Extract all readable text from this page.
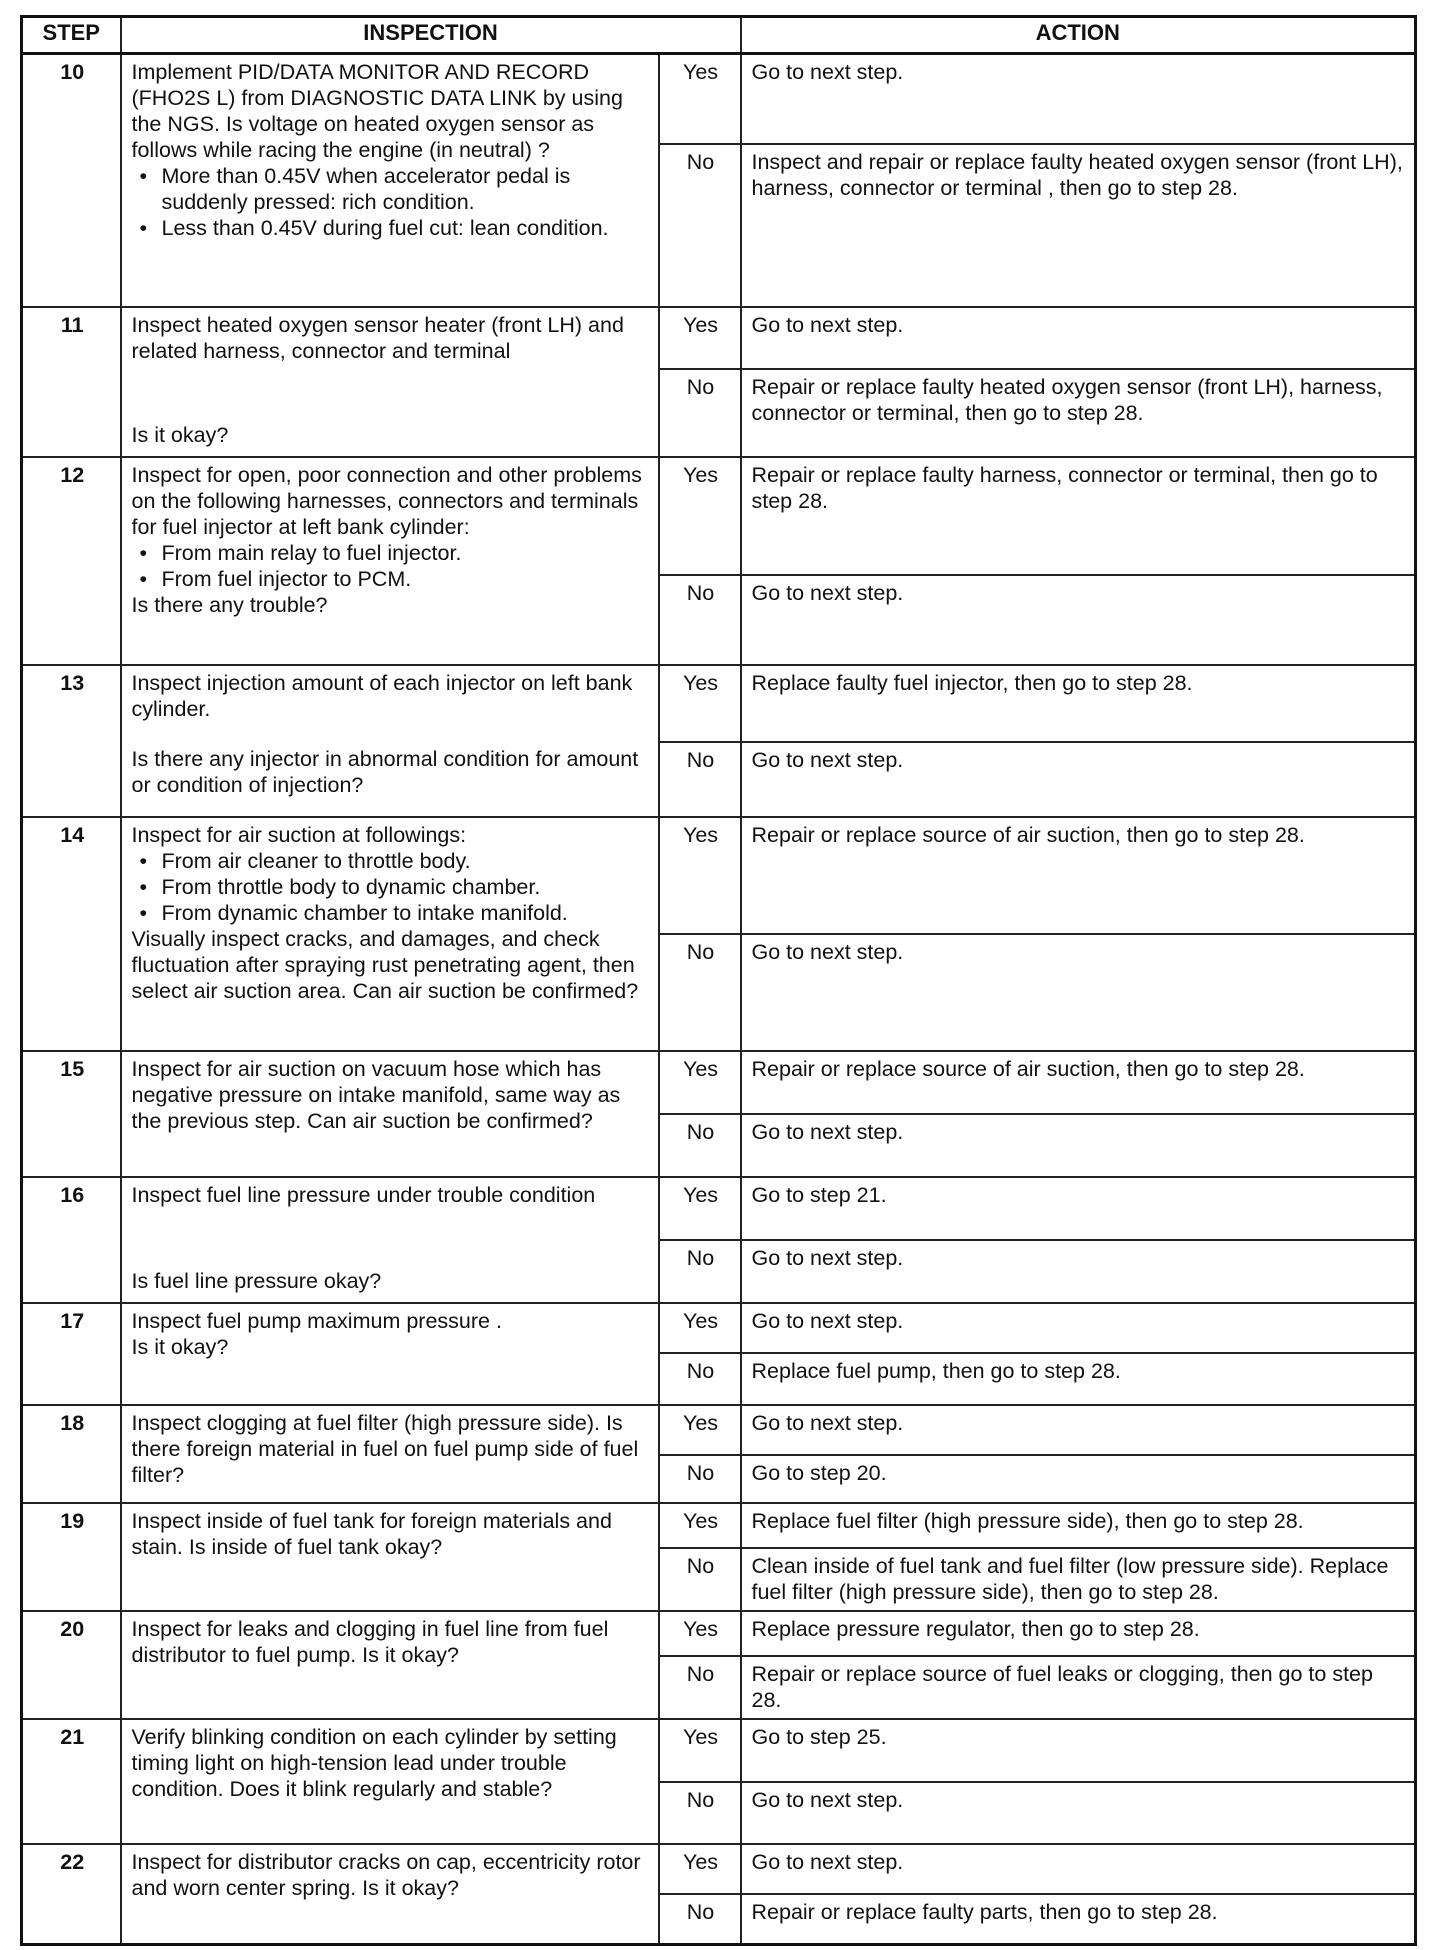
STEP	INSPECTION		ACTION
10	Implement PID/DATA MONITOR AND RECORD (FHO2S L) from DIAGNOSTIC DATA LINK by using the NGS. Is voltage on heated oxygen sensor as follows while racing the engine (in neutral) ?
• More than 0.45V when accelerator pedal is suddenly pressed: rich condition.
• Less than 0.45V during fuel cut: lean condition.	Yes	Go to next step.
		No	Inspect and repair or replace faulty heated oxygen sensor (front LH), harness, connector or terminal , then go to step 28.
11	Inspect heated oxygen sensor heater (front LH) and related harness, connector and terminal
Is it okay?	Yes	Go to next step.
		No	Repair or replace faulty heated oxygen sensor (front LH), harness, connector or terminal, then go to step 28.
12	Inspect for open, poor connection and other problems on the following harnesses, connectors and terminals for fuel injector at left bank cylinder:
• From main relay to fuel injector.
• From fuel injector to PCM.
Is there any trouble?	Yes	Repair or replace faulty harness, connector or terminal, then go to step 28.
		No	Go to next step.
13	Inspect injection amount of each injector on left bank cylinder.
Is there any injector in abnormal condition for amount or condition of injection?	Yes	Replace faulty fuel injector, then go to step 28.
		No	Go to next step.
14	Inspect for air suction at followings:
• From air cleaner to throttle body.
• From throttle body to dynamic chamber.
• From dynamic chamber to intake manifold.
Visually inspect cracks, and damages, and check fluctuation after spraying rust penetrating agent, then select air suction area. Can air suction be confirmed?	Yes	Repair or replace source of air suction, then go to step 28.
		No	Go to next step.
15	Inspect for air suction on vacuum hose which has negative pressure on intake manifold, same way as the previous step. Can air suction be confirmed?	Yes	Repair or replace source of air suction, then go to step 28.
		No	Go to next step.
16	Inspect fuel line pressure under trouble condition
Is fuel line pressure okay?	Yes	Go to step 21.
		No	Go to next step.
17	Inspect fuel pump maximum pressure .
Is it okay?	Yes	Go to next step.
		No	Replace fuel pump, then go to step 28.
18	Inspect clogging at fuel filter (high pressure side). Is there foreign material in fuel on fuel pump side of fuel filter?	Yes	Go to next step.
		No	Go to step 20.
19	Inspect inside of fuel tank for foreign materials and stain. Is inside of fuel tank okay?	Yes	Replace fuel filter (high pressure side), then go to step 28.
		No	Clean inside of fuel tank and fuel filter (low pressure side). Replace fuel filter (high pressure side), then go to step 28.
20	Inspect for leaks and clogging in fuel line from fuel distributor to fuel pump. Is it okay?	Yes	Replace pressure regulator, then go to step 28.
		No	Repair or replace source of fuel leaks or clogging, then go to step 28.
21	Verify blinking condition on each cylinder by setting timing light on high-tension lead under trouble condition. Does it blink regularly and stable?	Yes	Go to step 25.
		No	Go to next step.
22	Inspect for distributor cracks on cap, eccentricity rotor and worn center spring. Is it okay?	Yes	Go to next step.
		No	Repair or replace faulty parts, then go to step 28.
